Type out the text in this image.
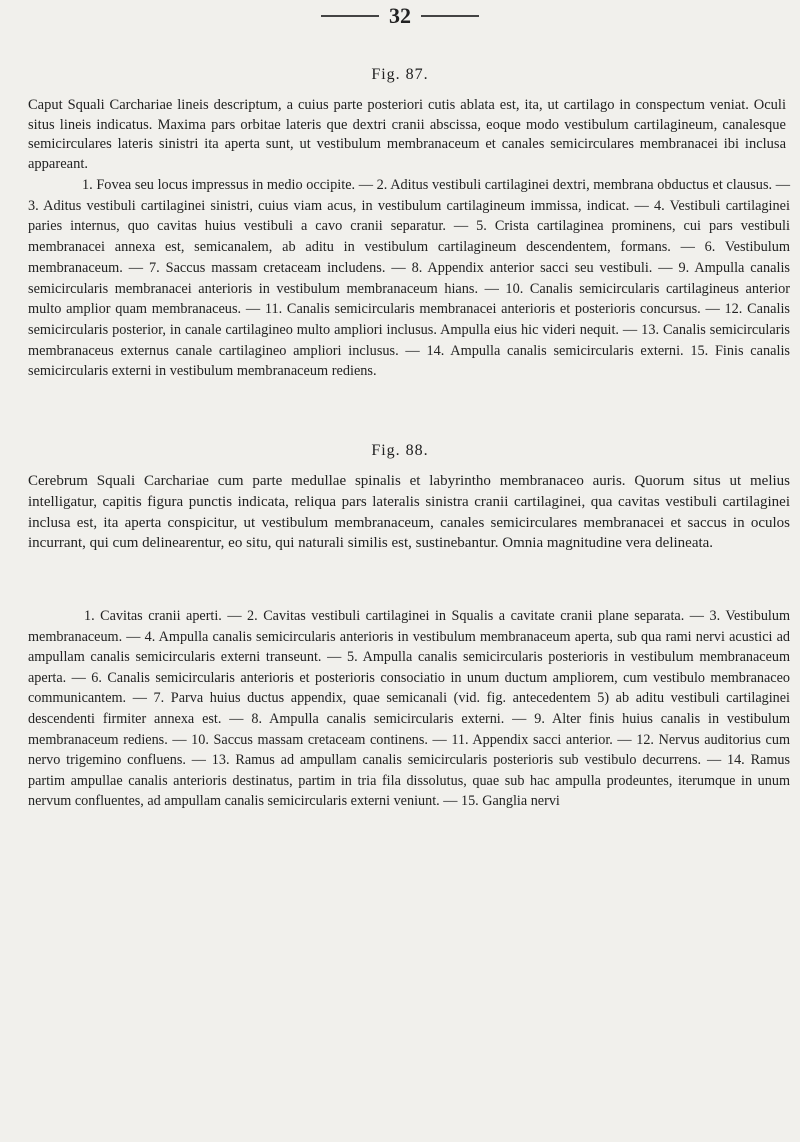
32
Fig. 87.

Caput Squali Carchariae lineis descriptum, a cuius parte posteriori cutis ablata est, ita, ut cartilago in conspectum veniat. Oculi situs lineis indicatus. Maxima pars orbitae lateris que dextri cranii abscissa, eoque modo vestibulum cartilagineum, canalesque semicirculares lateris sinistri ita aperta sunt, ut vestibulum membranaceum et canales semicirculares membranacei ibi inclusa appareant.

1. Fovea seu locus impressus in medio occipite. — 2. Aditus vestibuli cartilaginei dextri, membrana obductus et clausus. — 3. Aditus vestibuli cartilaginei sinistri, cuius viam acus, in vestibulum cartilagineum immissa, indicat. — 4. Vestibuli cartilaginei paries internus, quo cavitas huius vestibuli a cavo cranii separatur. — 5. Crista cartilaginea prominens, cui pars vestibuli membranacei annexa est, semicanalem, ab aditu in vestibulum cartilagineum descendentem, formans. — 6. Vestibulum membranaceum. — 7. Saccus massam cretaceam includens. — 8. Appendix anterior sacci seu vestibuli. — 9. Ampulla canalis semicircularis membranacei anterioris in vestibulum membranaceum hians. — 10. Canalis semicircularis cartilagineus anterior multo amplior quam membranaceus. — 11. Canalis semicircularis membranacei anterioris et posterioris concursus. — 12. Canalis semicircularis posterior, in canale cartilagineo multo ampliori inclusus. Ampulla eius hic videri nequit. — 13. Canalis semicircularis membranaceus externus canale cartilagineo ampliori inclusus. — 14. Ampulla canalis semicircularis externi. 15. Finis canalis semicircularis externi in vestibulum membranaceum rediens.

Fig. 88.

Cerebrum Squali Carchariae cum parte medullae spinalis et labyrintho membranaceo auris. Quorum situs ut melius intelligatur, capitis figura punctis indicata, reliqua pars lateralis sinistra cranii cartilaginei, qua cavitas vestibuli cartilaginei inclusa est, ita aperta conspicitur, ut vestibulum membranaceum, canales semicirculares membranacei et saccus in oculos incurrant, qui cum delinearentur, eo situ, qui naturali similis est, sustinebantur. Omnia magnitudine vera delineata.

1. Cavitas cranii aperti. — 2. Cavitas vestibuli cartilaginei in Squalis a cavitate cranii plane separata. — 3. Vestibulum membranaceum. — 4. Ampulla canalis semicircularis anterioris in vestibulum membranaceum aperta, sub qua rami nervi acustici ad ampullam canalis semicircularis externi transeunt. — 5. Ampulla canalis semicircularis posterioris in vestibulum membranaceum aperta. — 6. Canalis semicircularis anterioris et posterioris consociatio in unum ductum ampliorem, cum vestibulo membranaceo communicantem. — 7. Parva huius ductus appendix, quae semicanali (vid. fig. antecedentem 5) ab aditu vestibuli cartilaginei descendenti firmiter annexa est. — 8. Ampulla canalis semicircularis externi. — 9. Alter finis huius canalis in vestibulum membranaceum rediens. — 10. Saccus massam cretaceam continens. — 11. Appendix sacci anterior. — 12. Nervus auditorius cum nervo trigemino confluens. — 13. Ramus ad ampullam canalis semicircularis posterioris sub vestibulo decurrens. — 14. Ramus partim ampullae canalis anterioris destinatus, partim in tria fila dissolutus, quae sub hac ampulla prodeuntes, iterumque in unum nervum confluentes, ad ampullam canalis semicircularis externi veniunt. — 15. Ganglia nervi
